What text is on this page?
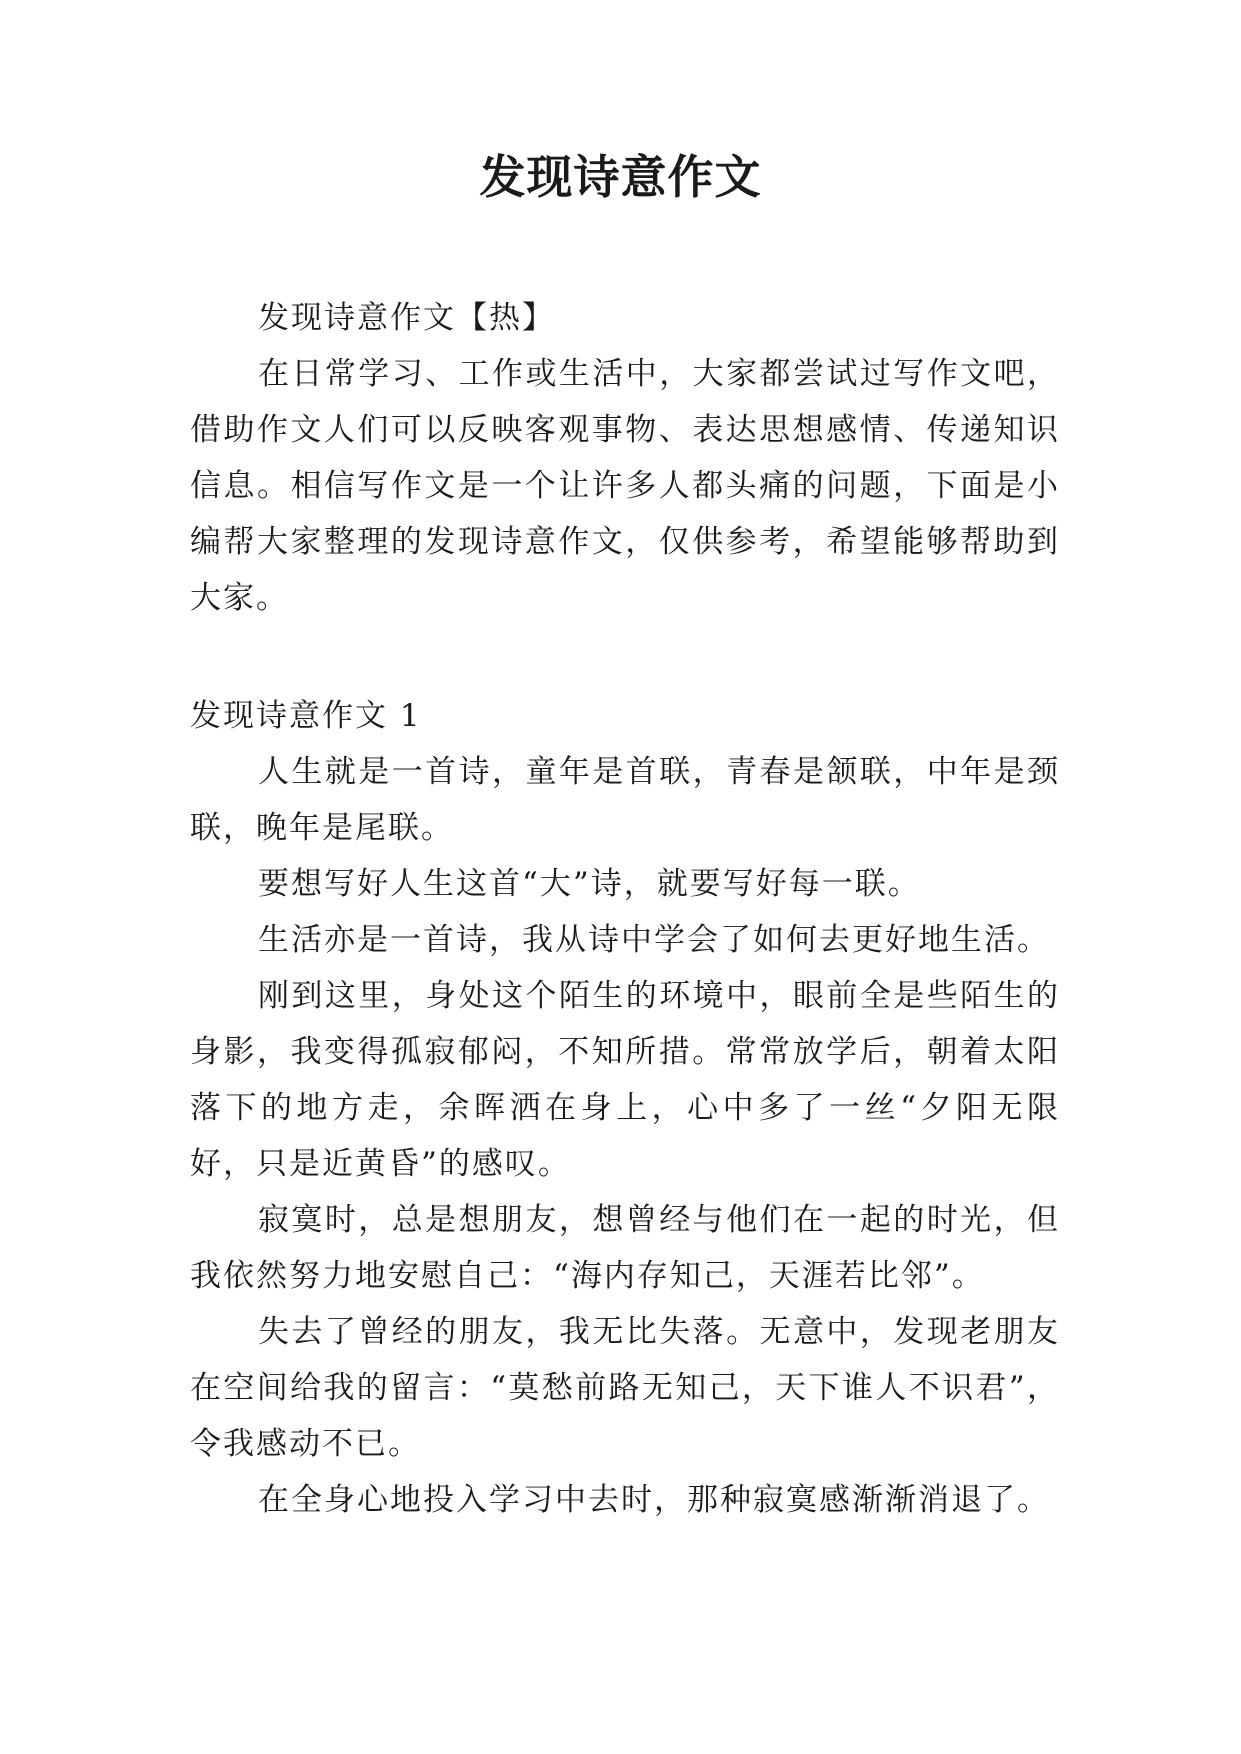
发现诗意作文

发现诗意作文【热】

在日常学习、工作或生活中，大家都尝试过写作文吧，借助作文人们可以反映客观事物、表达思想感情、传递知识信息。相信写作文是一个让许多人都头痛的问题，下面是小编帮大家整理的发现诗意作文，仅供参考，希望能够帮助到大家。

发现诗意作文 1

人生就是一首诗，童年是首联，青春是颔联，中年是颈联，晚年是尾联。

要想写好人生这首“大”诗，就要写好每一联。

生活亦是一首诗，我从诗中学会了如何去更好地生活。

刚到这里，身处这个陌生的环境中，眼前全是些陌生的身影，我变得孤寂郁闷，不知所措。常常放学后，朝着太阳落下的地方走，余晖洒在身上，心中多了一丝“夕阳无限好，只是近黄昏”的感叹。

寂寞时，总是想朋友，想曾经与他们在一起的时光，但我依然努力地安慰自己：“海内存知己，天涯若比邻”。

失去了曾经的朋友，我无比失落。无意中，发现老朋友在空间给我的留言：“莫愁前路无知己，天下谁人不识君”，令我感动不已。

在全身心地投入学习中去时，那种寂寞感渐渐消退了。
